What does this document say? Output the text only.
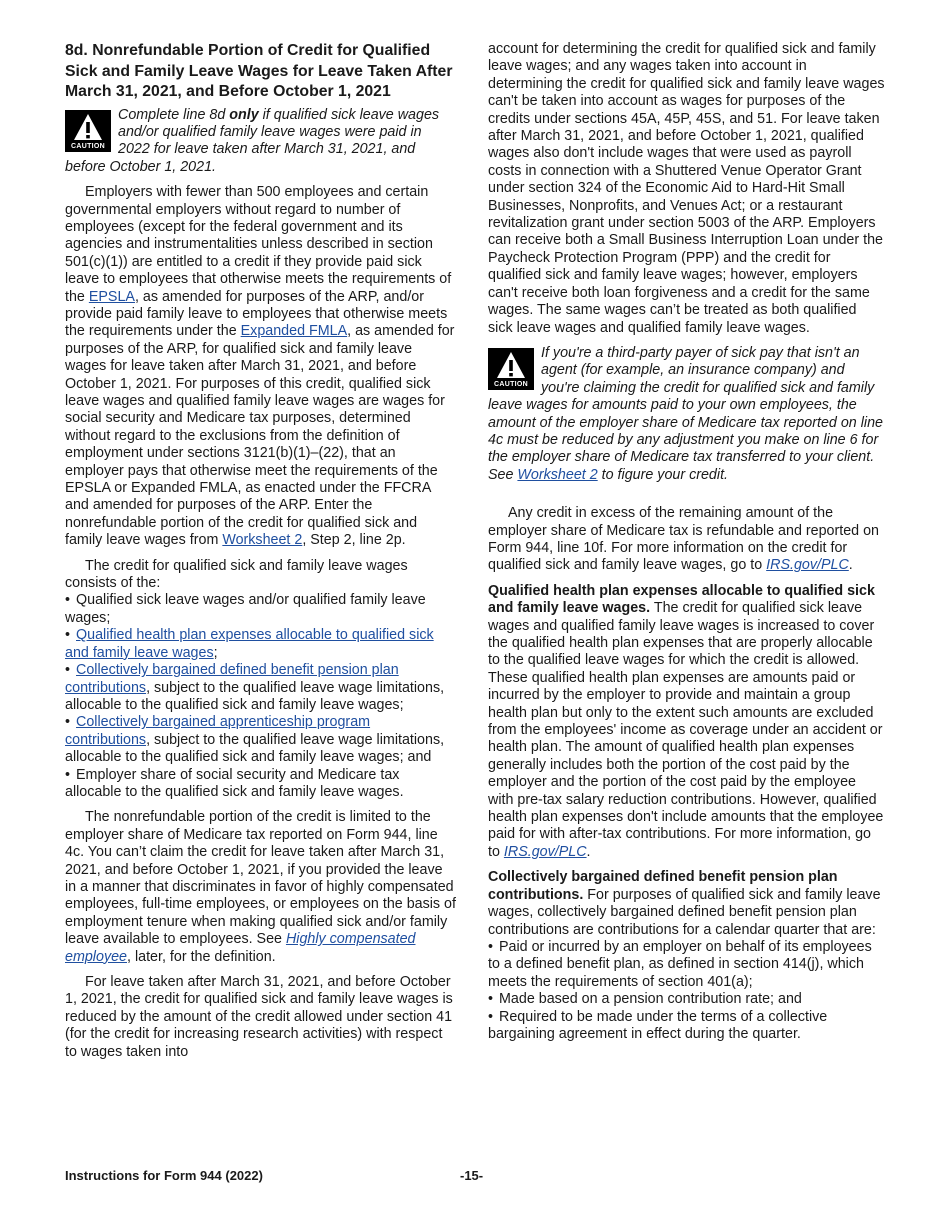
8d. Nonrefundable Portion of Credit for Qualified Sick and Family Leave Wages for Leave Taken After March 31, 2021, and Before October 1, 2021
CAUTION
Complete line 8d only if qualified sick leave wages and/or qualified family leave wages were paid in 2022 for leave taken after March 31, 2021, and before October 1, 2021.

Employers with fewer than 500 employees and certain governmental employers without regard to number of employees (except for the federal government and its agencies and instrumentalities unless described in section 501(c)(1)) are entitled to a credit if they provide paid sick leave to employees that otherwise meets the requirements of the EPSLA, as amended for purposes of the ARP, and/or provide paid family leave to employees that otherwise meets the requirements under the Expanded FMLA, as amended for purposes of the ARP, for qualified sick and family leave wages for leave taken after March 31, 2021, and before October 1, 2021. For purposes of this credit, qualified sick leave wages and qualified family leave wages are wages for social security and Medicare tax purposes, determined without regard to the exclusions from the definition of employment under sections 3121(b)(1)–(22), that an employer pays that otherwise meet the requirements of the EPSLA or Expanded FMLA, as enacted under the FFCRA and amended for purposes of the ARP. Enter the nonrefundable portion of the credit for qualified sick and family leave wages from Worksheet 2, Step 2, line 2p.

The credit for qualified sick and family leave wages consists of the:

• Qualified sick leave wages and/or qualified family leave wages;
• Qualified health plan expenses allocable to qualified sick and family leave wages;
• Collectively bargained defined benefit pension plan contributions, subject to the qualified leave wage limitations, allocable to the qualified sick and family leave wages;
• Collectively bargained apprenticeship program contributions, subject to the qualified leave wage limitations, allocable to the qualified sick and family leave wages; and
• Employer share of social security and Medicare tax allocable to the qualified sick and family leave wages.

The nonrefundable portion of the credit is limited to the employer share of Medicare tax reported on Form 944, line 4c. You can’t claim the credit for leave taken after March 31, 2021, and before October 1, 2021, if you provided the leave in a manner that discriminates in favor of highly compensated employees, full-time employees, or employees on the basis of employment tenure when making qualified sick and/or family leave available to employees. See Highly compensated employee, later, for the definition.

For leave taken after March 31, 2021, and before October 1, 2021, the credit for qualified sick and family leave wages is reduced by the amount of the credit allowed under section 41 (for the credit for increasing research activities) with respect to wages taken into

account for determining the credit for qualified sick and family leave wages; and any wages taken into account in determining the credit for qualified sick and family leave wages can't be taken into account as wages for purposes of the credits under sections 45A, 45P, 45S, and 51. For leave taken after March 31, 2021, and before October 1, 2021, qualified wages also don't include wages that were used as payroll costs in connection with a Shuttered Venue Operator Grant under section 324 of the Economic Aid to Hard-Hit Small Businesses, Nonprofits, and Venues Act; or a restaurant revitalization grant under section 5003 of the ARP. Employers can receive both a Small Business Interruption Loan under the Paycheck Protection Program (PPP) and the credit for qualified sick and family leave wages; however, employers can't receive both loan forgiveness and a credit for the same wages. The same wages can’t be treated as both qualified sick leave wages and qualified family leave wages.

CAUTION
If you're a third-party payer of sick pay that isn't an agent (for example, an insurance company) and you're claiming the credit for qualified sick and family leave wages for amounts paid to your own employees, the amount of the employer share of Medicare tax reported on line 4c must be reduced by any adjustment you make on line 6 for the employer share of Medicare tax transferred to your client. See Worksheet 2 to figure your credit.

Any credit in excess of the remaining amount of the employer share of Medicare tax is refundable and reported on Form 944, line 10f. For more information on the credit for qualified sick and family leave wages, go to IRS.gov/PLC.

Qualified health plan expenses allocable to qualified sick and family leave wages. The credit for qualified sick leave wages and qualified family leave wages is increased to cover the qualified health plan expenses that are properly allocable to the qualified leave wages for which the credit is allowed. These qualified health plan expenses are amounts paid or incurred by the employer to provide and maintain a group health plan but only to the extent such amounts are excluded from the employees' income as coverage under an accident or health plan. The amount of qualified health plan expenses generally includes both the portion of the cost paid by the employer and the portion of the cost paid by the employee with pre-tax salary reduction contributions. However, qualified health plan expenses don't include amounts that the employee paid for with after-tax contributions. For more information, go to IRS.gov/PLC.

Collectively bargained defined benefit pension plan contributions. For purposes of qualified sick and family leave wages, collectively bargained defined benefit pension plan contributions are contributions for a calendar quarter that are:

• Paid or incurred by an employer on behalf of its employees to a defined benefit plan, as defined in section 414(j), which meets the requirements of section 401(a);
• Made based on a pension contribution rate; and
• Required to be made under the terms of a collective bargaining agreement in effect during the quarter.
Instructions for Form 944 (2022)	-15-
